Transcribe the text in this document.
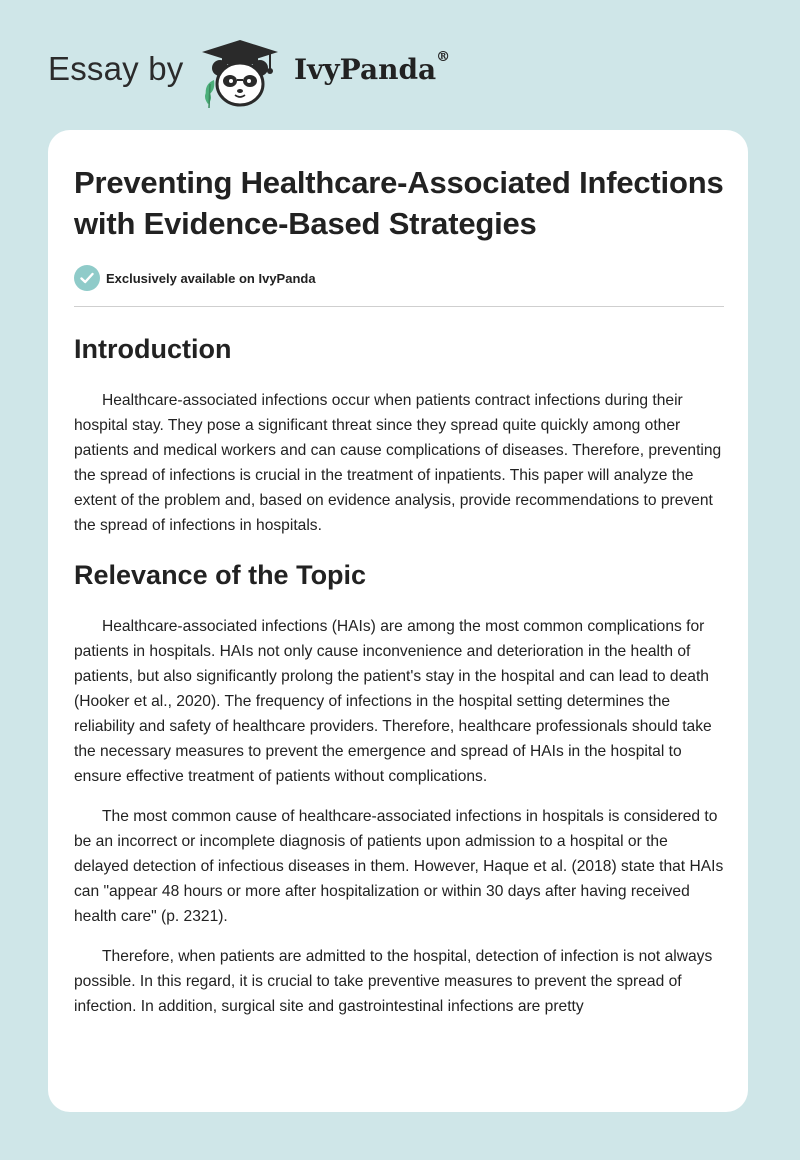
Essay by	IvyPanda®
Preventing Healthcare-Associated Infections with Evidence-Based Strategies
Exclusively available on IvyPanda
Introduction

Healthcare-associated infections occur when patients contract infections during their hospital stay. They pose a significant threat since they spread quite quickly among other patients and medical workers and can cause complications of diseases. Therefore, preventing the spread of infections is crucial in the treatment of inpatients. This paper will analyze the extent of the problem and, based on evidence analysis, provide recommendations to prevent the spread of infections in hospitals.

Relevance of the Topic

Healthcare-associated infections (HAIs) are among the most common complications for patients in hospitals. HAIs not only cause inconvenience and deterioration in the health of patients, but also significantly prolong the patient's stay in the hospital and can lead to death (Hooker et al., 2020). The frequency of infections in the hospital setting determines the reliability and safety of healthcare providers. Therefore, healthcare professionals should take the necessary measures to prevent the emergence and spread of HAIs in the hospital to ensure effective treatment of patients without complications.

The most common cause of healthcare-associated infections in hospitals is considered to be an incorrect or incomplete diagnosis of patients upon admission to a hospital or the delayed detection of infectious diseases in them. However, Haque et al. (2018) state that HAIs can "appear 48 hours or more after hospitalization or within 30 days after having received health care" (p. 2321).

Therefore, when patients are admitted to the hospital, detection of infection is not always possible. In this regard, it is crucial to take preventive measures to prevent the spread of infection. In addition, surgical site and gastrointestinal infections are pretty
